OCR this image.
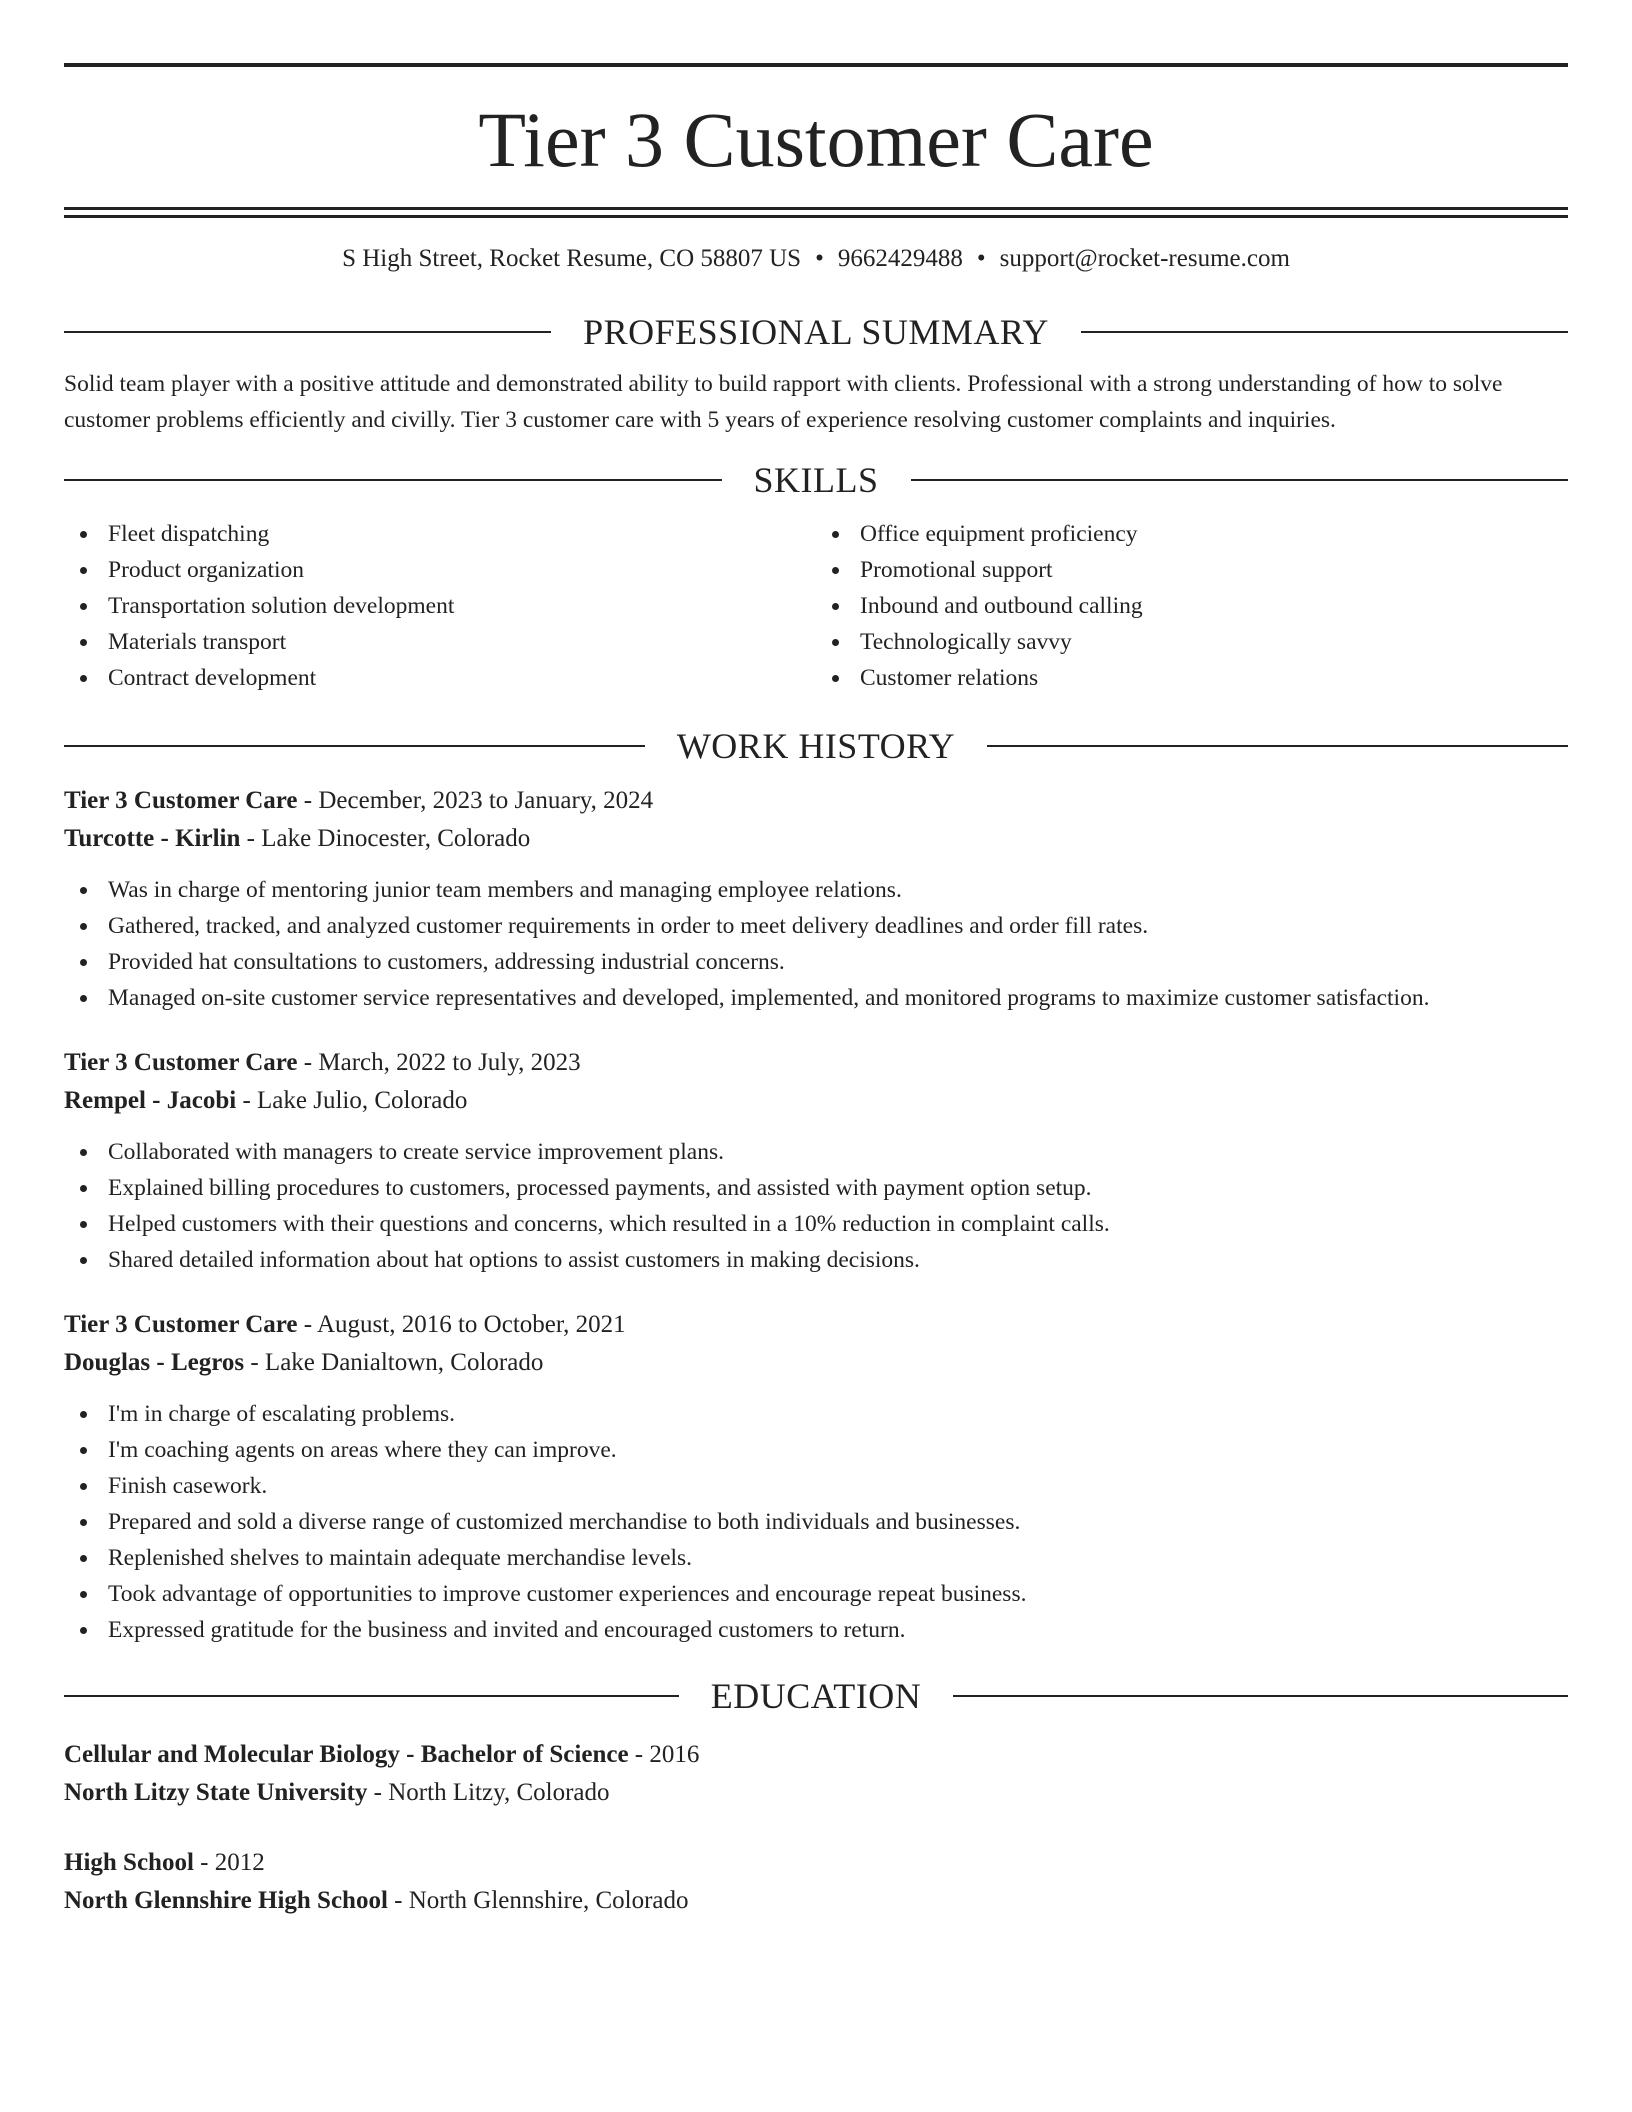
Tier 3 Customer Care
S High Street, Rocket Resume, CO 58807 US • 9662429488 • support@rocket-resume.com
PROFESSIONAL SUMMARY

Solid team player with a positive attitude and demonstrated ability to build rapport with clients. Professional with a strong understanding of how to solve customer problems efficiently and civilly. Tier 3 customer care with 5 years of experience resolving customer complaints and inquiries.

SKILLS
Fleet dispatching
Product organization
Transportation solution development
Materials transport
Contract development
Office equipment proficiency
Promotional support
Inbound and outbound calling
Technologically savvy
Customer relations
WORK HISTORY
Tier 3 Customer Care - December, 2023 to January, 2024
Turcotte - Kirlin - Lake Dinocester, Colorado
Was in charge of mentoring junior team members and managing employee relations.
Gathered, tracked, and analyzed customer requirements in order to meet delivery deadlines and order fill rates.
Provided hat consultations to customers, addressing industrial concerns.
Managed on-site customer service representatives and developed, implemented, and monitored programs to maximize customer satisfaction.
Tier 3 Customer Care - March, 2022 to July, 2023
Rempel - Jacobi - Lake Julio, Colorado
Collaborated with managers to create service improvement plans.
Explained billing procedures to customers, processed payments, and assisted with payment option setup.
Helped customers with their questions and concerns, which resulted in a 10% reduction in complaint calls.
Shared detailed information about hat options to assist customers in making decisions.
Tier 3 Customer Care - August, 2016 to October, 2021
Douglas - Legros - Lake Danialtown, Colorado
I'm in charge of escalating problems.
I'm coaching agents on areas where they can improve.
Finish casework.
Prepared and sold a diverse range of customized merchandise to both individuals and businesses.
Replenished shelves to maintain adequate merchandise levels.
Took advantage of opportunities to improve customer experiences and encourage repeat business.
Expressed gratitude for the business and invited and encouraged customers to return.
EDUCATION
Cellular and Molecular Biology - Bachelor of Science - 2016
North Litzy State University - North Litzy, Colorado
High School - 2012
North Glennshire High School - North Glennshire, Colorado
